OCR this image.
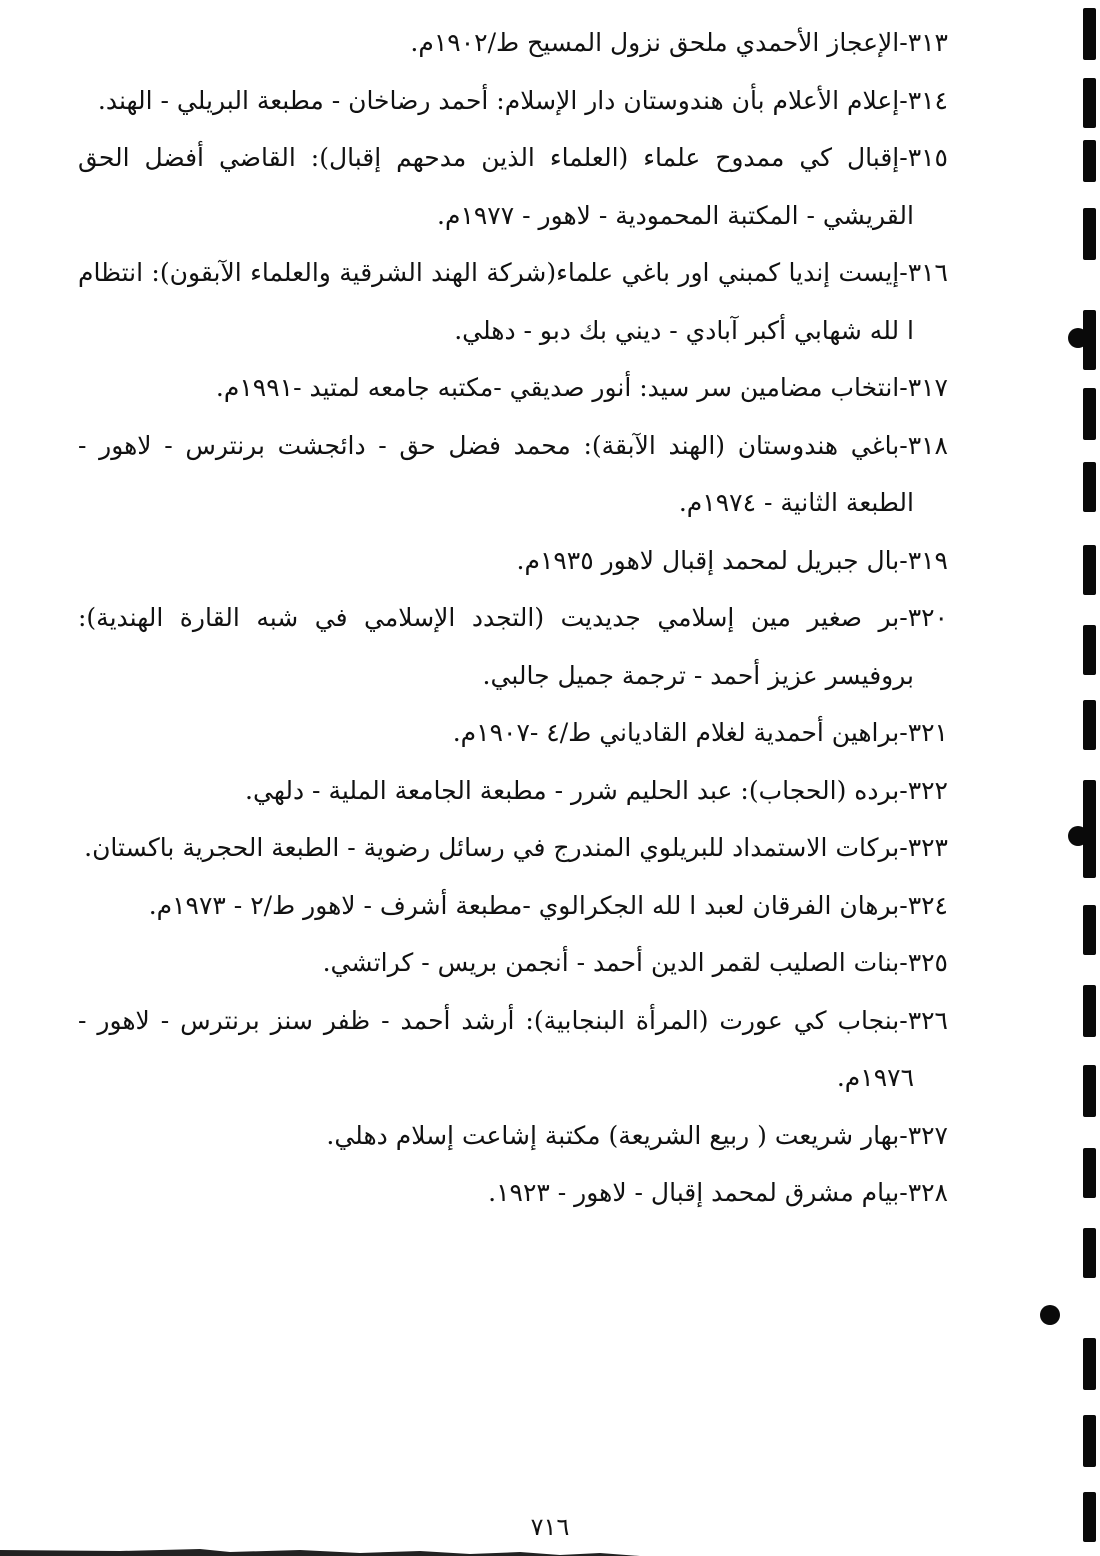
٣١٣-الإعجاز الأحمدي ملحق نزول المسيح ط/١٩٠٢م.

٣١٤-إعلام الأعلام بأن هندوستان دار الإسلام: أحمد رضاخان - مطبعة البريلي - الهند.

٣١٥-إقبال كي ممدوح علماء (العلماء الذين مدحهم إقبال): القاضي أفضل الحق القريشي - المكتبة المحمودية - لاهور - ١٩٧٧م.

٣١٦-إيست إنديا كمبني اور باغي علماء(شركة الهند الشرقية والعلماء الآبقون): انتظام ا لله شهابي أكبر آبادي - ديني بك دبو - دهلي.

٣١٧-انتخاب مضامين سر سيد: أنور صديقي -مكتبه جامعه لمتيد -١٩٩١م.

٣١٨-باغي هندوستان (الهند الآبقة): محمد فضل حق - دائجشت برنترس - لاهور - الطبعة الثانية - ١٩٧٤م.

٣١٩-بال جبريل لمحمد إقبال لاهور ١٩٣٥م.

٣٢٠-بر صغير مين إسلامي جديديت (التجدد الإسلامي في شبه القارة الهندية): بروفيسر عزيز أحمد - ترجمة جميل جالبي.

٣٢١-براهين أحمدية لغلام القادياني ط/٤ -١٩٠٧م.

٣٢٢-برده (الحجاب): عبد الحليم شرر - مطبعة الجامعة الملية - دلهي.

٣٢٣-بركات الاستمداد للبريلوي المندرج في رسائل رضوية - الطبعة الحجرية باكستان.

٣٢٤-برهان الفرقان لعبد ا لله الجكرالوي -مطبعة أشرف - لاهور ط/٢ - ١٩٧٣م.

٣٢٥-بنات الصليب لقمر الدين أحمد - أنجمن بريس - كراتشي.

٣٢٦-بنجاب كي عورت (المرأة البنجابية): أرشد أحمد - ظفر سنز برنترس - لاهور - ١٩٧٦م.

٣٢٧-بهار شريعت ( ربيع الشريعة) مكتبة إشاعت إسلام دهلي.

٣٢٨-بيام مشرق لمحمد إقبال - لاهور - ١٩٢٣.

٧١٦
